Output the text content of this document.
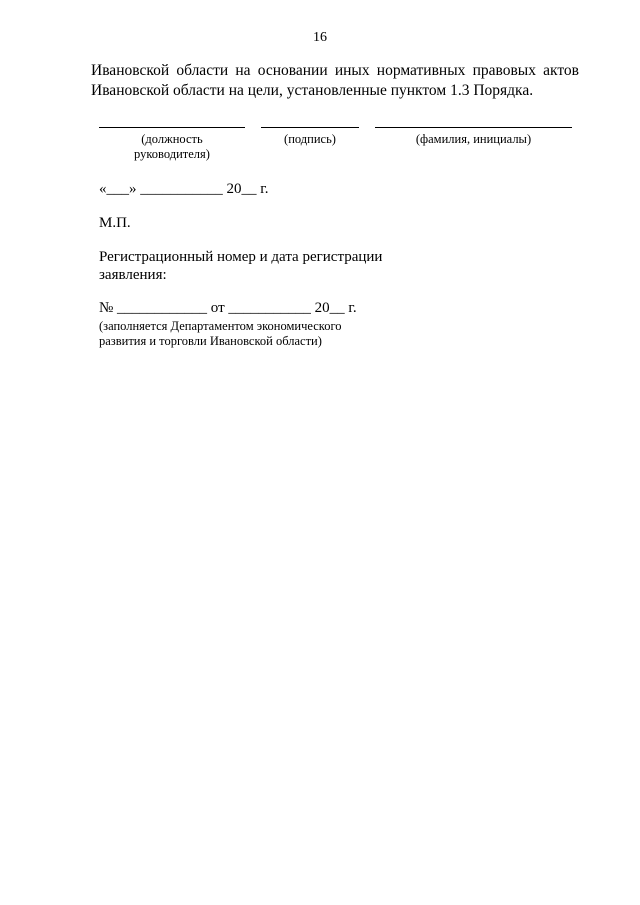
16
Ивановской области на основании иных нормативных правовых актов
Ивановской области на цели, установленные пунктом 1.3 Порядка.
(должность
руководителя)
(подпись)	(фамилия, инициалы)
«___» ___________ 20__ г.
М.П.
Регистрационный номер и дата регистрации
заявления:
№ ____________ от ___________ 20__ г.
(заполняется Департаментом экономического
развития и торговли Ивановской области)
